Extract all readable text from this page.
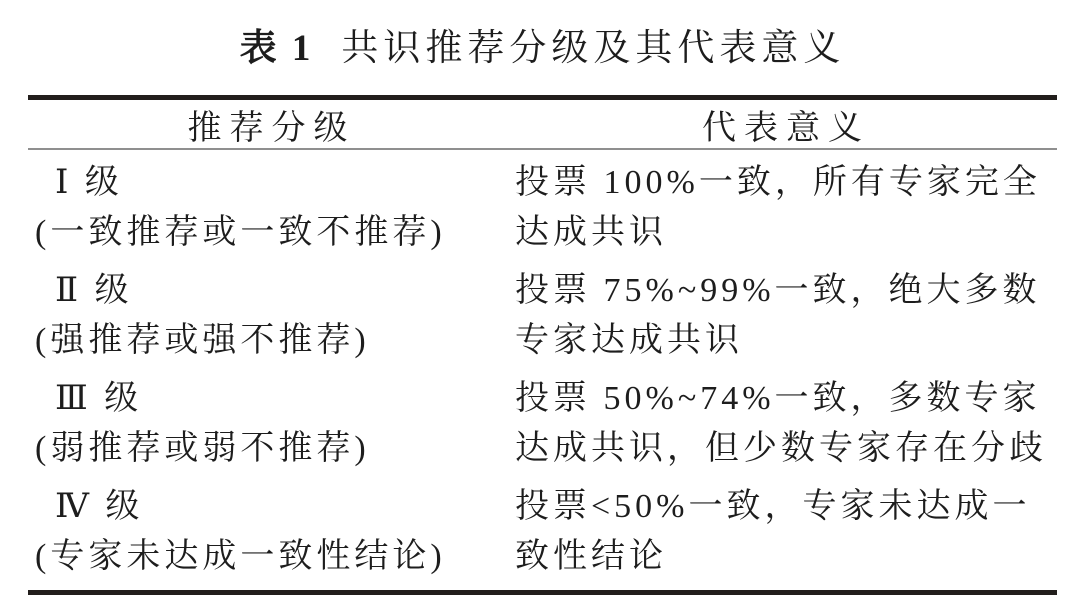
表 1 共识推荐分级及其代表意义
推荐分级	代表意义
Ⅰ 级
(一致推荐或一致不推荐)
投票 100%一致，所有专家完全
达成共识
Ⅱ 级
(强推荐或强不推荐)
投票 75%~99%一致，绝大多数
专家达成共识
Ⅲ 级
(弱推荐或弱不推荐)
投票 50%~74%一致，多数专家
达成共识，但少数专家存在分歧
Ⅳ 级
(专家未达成一致性结论)
投票<50%一致，专家未达成一
致性结论
